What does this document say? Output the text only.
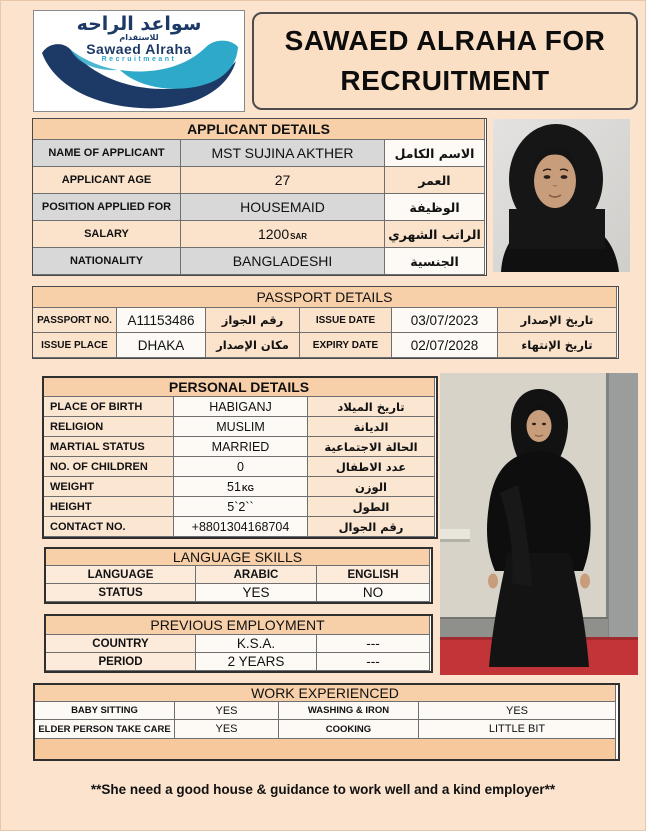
سواعد الراحه
للاستقدام
Sawaed Alraha
Recruitmeant
SAWAED ALRAHA FOR
RECRUITMENT
APPLICANT DETAILS
NAME OF APPLICANT	MST SUJINA AKTHER	الاسم الكامل
APPLICANT AGE	27	العمر
POSITION APPLIED FOR	HOUSEMAID	الوظيفة
SALARY	1200 SAR	الراتب الشهري
NATIONALITY	BANGLADESHI	الجنسية
PASSPORT DETAILS
PASSPORT NO.	A11153486	رقم الجواز	ISSUE DATE	03/07/2023	تاريخ الإصدار
ISSUE PLACE	DHAKA	مكان الإصدار	EXPIRY DATE	02/07/2028	تاريخ الإنتهاء
PERSONAL DETAILS
PLACE OF BIRTH	HABIGANJ	تاريخ الميلاد
RELIGION	MUSLIM	الديانة
MARTIAL STATUS	MARRIED	الحالة الاجتماعية
NO. OF CHILDREN	0	عدد الاطفال
WEIGHT	51 KG	الوزن
HEIGHT	5`2``	الطول
CONTACT NO.	+8801304168704	رقم الجوال
LANGUAGE SKILLS
LANGUAGE	ARABIC	ENGLISH
STATUS	YES	NO
PREVIOUS EMPLOYMENT
COUNTRY	K.S.A.	---
PERIOD	2 YEARS	---
WORK EXPERIENCED
BABY SITTING	YES	WASHING & IRON	YES
ELDER PERSON TAKE CARE	YES	COOKING	LITTLE BIT
**She need a good house & guidance to work well and a kind employer**
